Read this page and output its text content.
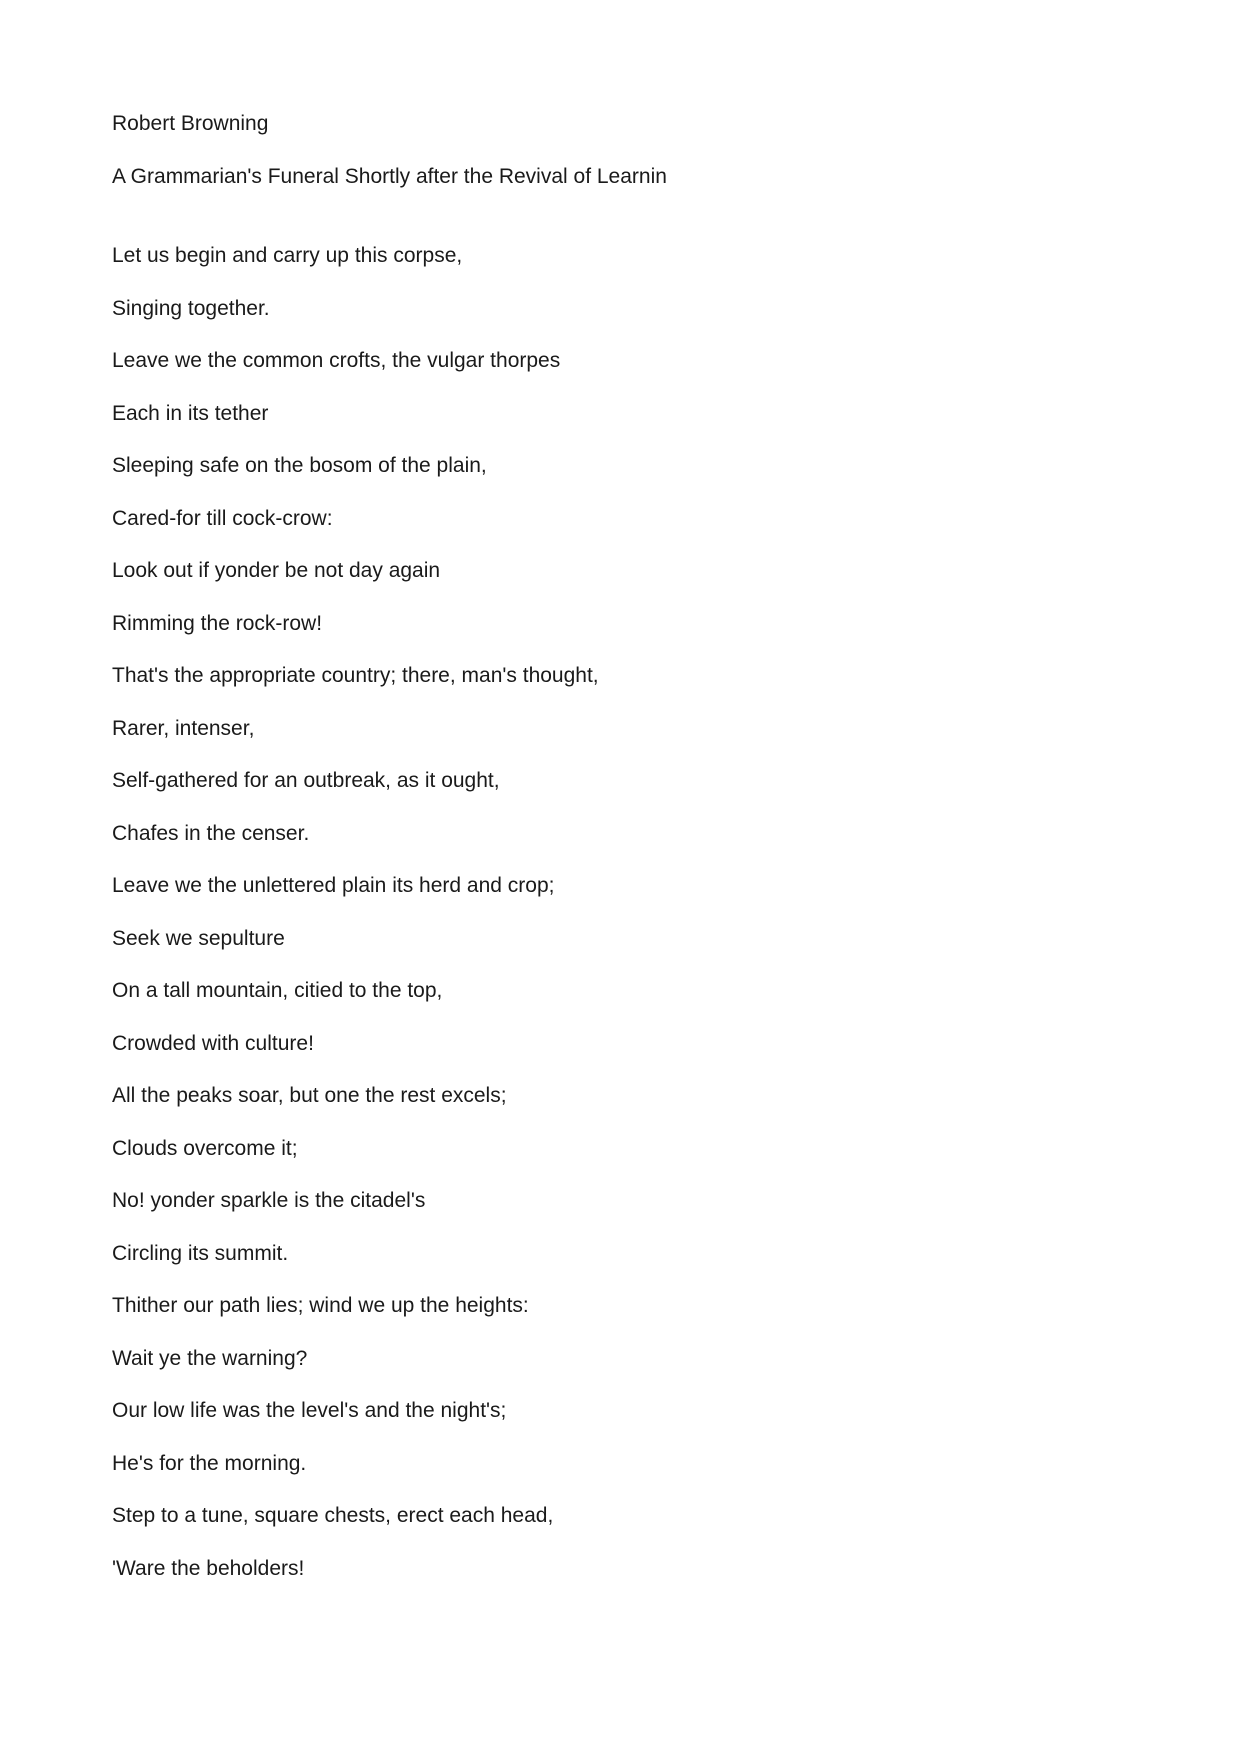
Robert Browning
A Grammarian's Funeral Shortly after the Revival of Learnin
Let us begin and carry up this corpse,
Singing together.
Leave we the common crofts, the vulgar thorpes
Each in its tether
Sleeping safe on the bosom of the plain,
Cared-for till cock-crow:
Look out if yonder be not day again
Rimming the rock-row!
That's the appropriate country; there, man's thought,
Rarer, intenser,
Self-gathered for an outbreak, as it ought,
Chafes in the censer.
Leave we the unlettered plain its herd and crop;
Seek we sepulture
On a tall mountain, citied to the top,
Crowded with culture!
All the peaks soar, but one the rest excels;
Clouds overcome it;
No! yonder sparkle is the citadel's
Circling its summit.
Thither our path lies; wind we up the heights:
Wait ye the warning?
Our low life was the level's and the night's;
He's for the morning.
Step to a tune, square chests, erect each head,
'Ware the beholders!
